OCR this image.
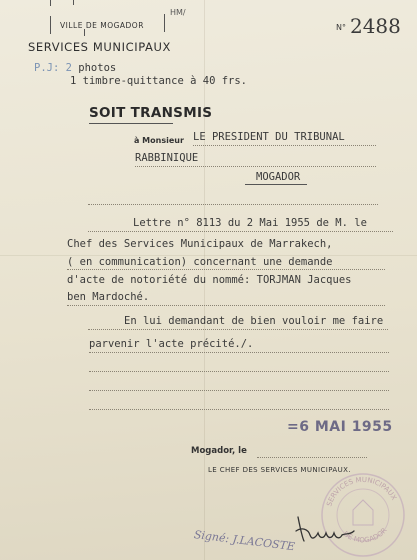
VILLE DE MOGADOR
HM/
N° 2488
SERVICES MUNICIPAUX
P.J: 2 photos
1 timbre-quittance à 40 frs.
SOIT TRANSMIS
à Monsieur LE PRESIDENT DU TRIBUNAL
RABBINIQUE
MOGADOR
Lettre n° 8113 du 2 Mai 1955 de M. le
Chef des Services Municipaux de Marrakech,
( en communication) concernant une demande
d'acte de notoriété du nommé: TORJMAN Jacques
ben Mardoché.
En lui demandant de bien vouloir me faire
parvenir l'acte précité./.
=6 MAI 1955
Mogador, le
LE CHEF DES SERVICES MUNICIPAUX.
SERVICES MUNICIPAUX
DE MOGADOR
Signé: J.LACOSTE
